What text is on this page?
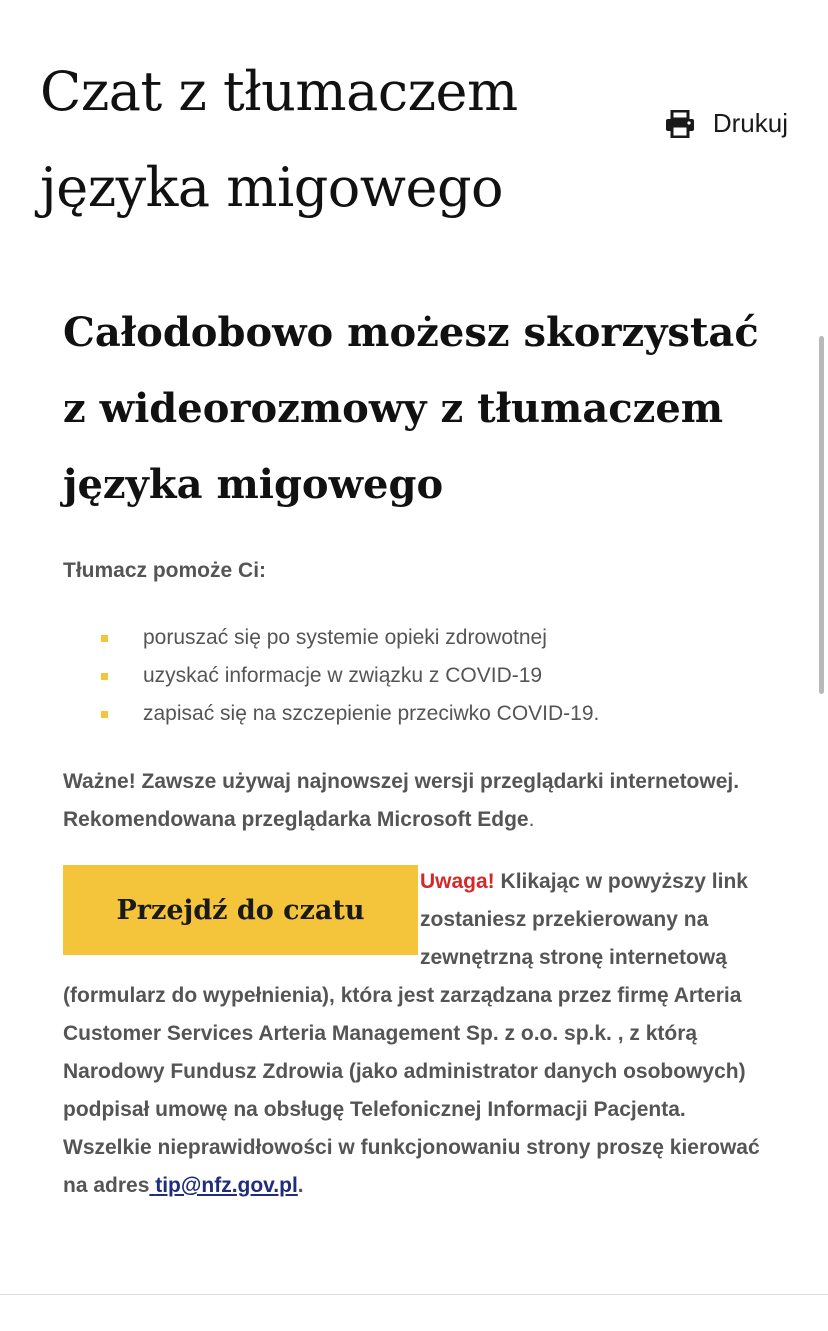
Czat z tłumaczem języka migowego
Drukuj
Całodobowo możesz skorzystać z wideorozmowy z tłumaczem języka migowego

Tłumacz pomoże Ci:

poruszać się po systemie opieki zdrowotnej
uzyskać informacje w związku z COVID-19
zapisać się na szczepienie przeciwko COVID-19.

Ważne! Zawsze używaj najnowszej wersji przeglądarki internetowej. Rekomendowana przeglądarka Microsoft Edge.

Przejdź do czatu
Uwaga! Klikając w powyższy link zostaniesz przekierowany na zewnętrzną stronę internetową (formularz do wypełnienia), która jest zarządzana przez firmę Arteria Customer Services Arteria Management Sp. z o.o. sp.k. , z którą Narodowy Fundusz Zdrowia (jako administrator danych osobowych) podpisał umowę na obsługę Telefonicznej Informacji Pacjenta. Wszelkie nieprawidłowości w funkcjonowaniu strony proszę kierować na adres tip@nfz.gov.pl.
